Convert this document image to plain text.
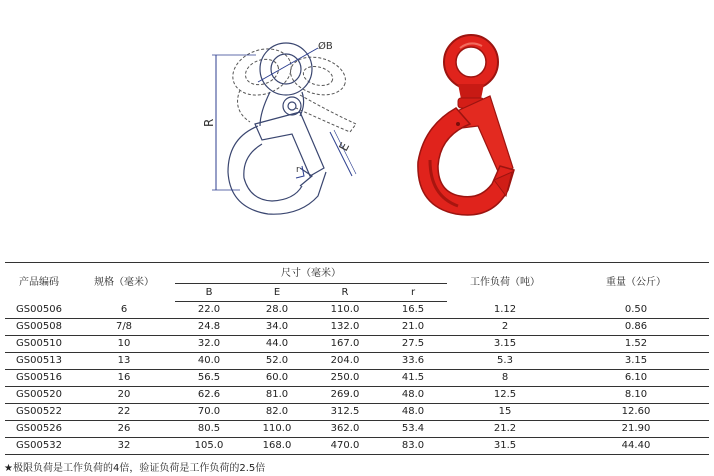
ØB
R
E
r

产品编码	规格（毫米）	尺寸（毫米）				工作负荷（吨）	重量（公斤）
		B	E	R	r		
GS00506	6	22.0	28.0	110.0	16.5	1.12	0.50
GS00508	7/8	24.8	34.0	132.0	21.0	2	0.86
GS00510	10	32.0	44.0	167.0	27.5	3.15	1.52
GS00513	13	40.0	52.0	204.0	33.6	5.3	3.15
GS00516	16	56.5	60.0	250.0	41.5	8	6.10
GS00520	20	62.6	81.0	269.0	48.0	12.5	8.10
GS00522	22	70.0	82.0	312.5	48.0	15	12.60
GS00526	26	80.5	110.0	362.0	53.4	21.2	21.90
GS00532	32	105.0	168.0	470.0	83.0	31.5	44.40
★极限负荷是工作负荷的4倍，验证负荷是工作负荷的2.5倍
